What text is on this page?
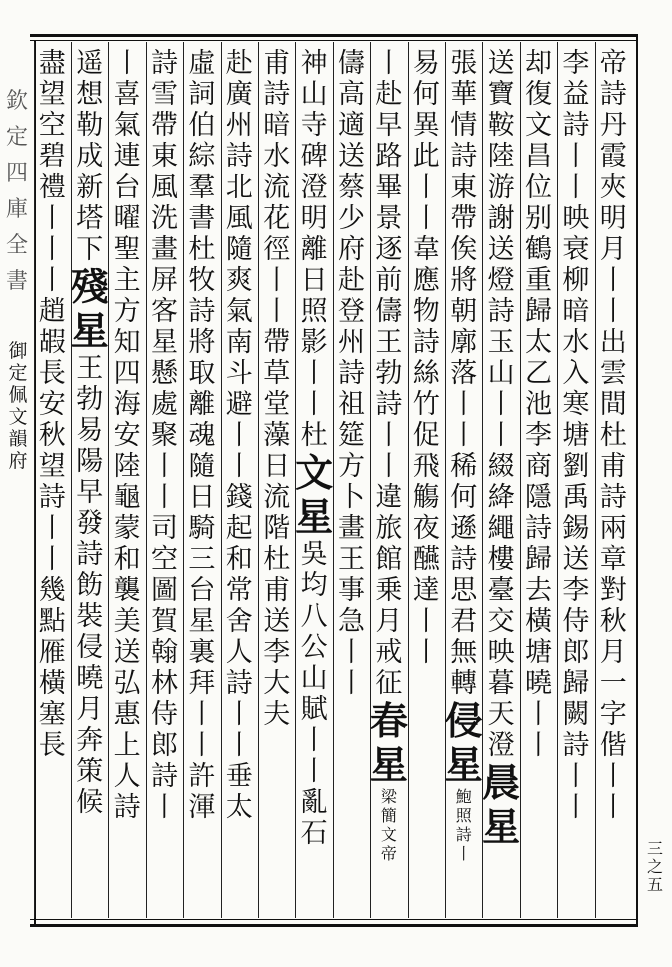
欽
定
四
庫
全
書
御
定
佩
文
韻
府
帝
詩
丹
霞
夾
明
月
丨
丨
出
雲
間
杜
甫
詩
兩
章
對
秋
月
一
字
偕
丨
丨
李
益
詩
丨
丨
映
衰
柳
暗
水
入
寒
塘
劉
禹
錫
送
李
侍
郎
歸
闕
詩
丨
丨
却
復
文
昌
位
别
鶴
重
歸
太
乙
池
李
商
隱
詩
歸
去
橫
塘
曉
丨
丨
送
寶
鞍
陸
游
謝
送
燈
詩
玉
山
丨
丨
綴
絳
繩
樓
臺
交
映
暮
天
澄
晨
星
張
華
情
詩
東
帶
俟
將
朝
廓
落
丨
丨
稀
何
遜
詩
思
君
無
轉
侵
星
鮑
照
詩
丨
易
何
異
此
丨
丨
韋
應
物
詩
絲
竹
促
飛
觴
夜
醼
達
丨
丨
丨
赴
早
路
畢
景
逐
前
儔
王
勃
詩
丨
丨
違
旅
館
乗
月
戒
征
春
星
梁
簡
文
帝
儔
高
適
送
蔡
少
府
赴
登
州
詩
祖
筵
方
卜
畫
王
事
急
丨
丨
神
山
寺
碑
澄
明
離
日
照
影
丨
丨
杜
文
星
吳
均
八
公
山
賦
丨
丨
亂
石
甫
詩
暗
水
流
花
徑
丨
丨
帶
草
堂
藻
日
流
階
杜
甫
送
李
大
夫
赴
廣
州
詩
北
風
隨
爽
氣
南
斗
避
丨
丨
錢
起
和
常
舍
人
詩
丨
丨
垂
太
虛
詞
伯
綜
羣
書
杜
牧
詩
將
取
離
魂
隨
日
騎
三
台
星
裏
拜
丨
丨
許
渾
詩
雪
帶
東
風
洗
畫
屏
客
星
懸
處
聚
丨
丨
司
空
圖
賀
翰
林
侍
郎
詩
丨
丨
喜
氣
連
台
曜
聖
主
方
知
四
海
安
陸
龜
蒙
和
襲
美
送
弘
惠
上
人
詩
遥
想
勒
成
新
塔
下
殘
星
王
勃
易
陽
早
發
詩
飭
裝
侵
曉
月
奔
策
候
盡
望
空
碧
禮
丨
丨
丨
趙
嘏
長
安
秋
望
詩
丨
丨
幾
點
雁
橫
塞
長
三
之
五
